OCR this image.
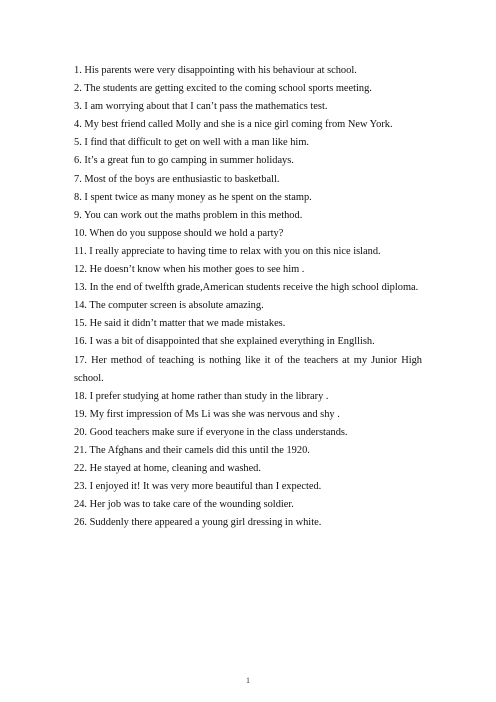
1. His parents were very disappointing with his behaviour at school.

2. The students are getting excited to the coming school sports meeting.

3. I am worrying about that I can’t pass the mathematics test.

4. My best friend called Molly and she is a nice girl coming from New York.

5. I find that difficult to get on well with a man like him.

6. It’s a great fun to go camping in summer holidays.

7. Most of the boys are enthusiastic to basketball.

8. I spent twice as many money as he spent on the stamp.

9. You can work out the maths problem in this method.

10. When do you suppose should we hold a party?

11. I really appreciate to having time to relax with you on this nice island.

12. He doesn’t know when his mother goes to see him .

13. In the end of twelfth grade,American students receive the high school diploma.

14. The computer screen is absolute amazing.

15. He said it didn’t matter that we made mistakes.

16. I was a bit of disappointed that she explained everything in Engllish.

17. Her method of teaching is nothing like it of the teachers at my Junior High school.

18. I prefer studying at home rather than study in the library .

19. My first impression of Ms Li was she was nervous and shy .

20. Good teachers make sure if everyone in the class understands.

21. The Afghans and their camels did this until the 1920.

22. He stayed at home, cleaning and washed.

23. I enjoyed it! It was very more beautiful than I expected.

24. Her job was to take care of the wounding soldier.

26. Suddenly there appeared a young girl dressing in white.

1
